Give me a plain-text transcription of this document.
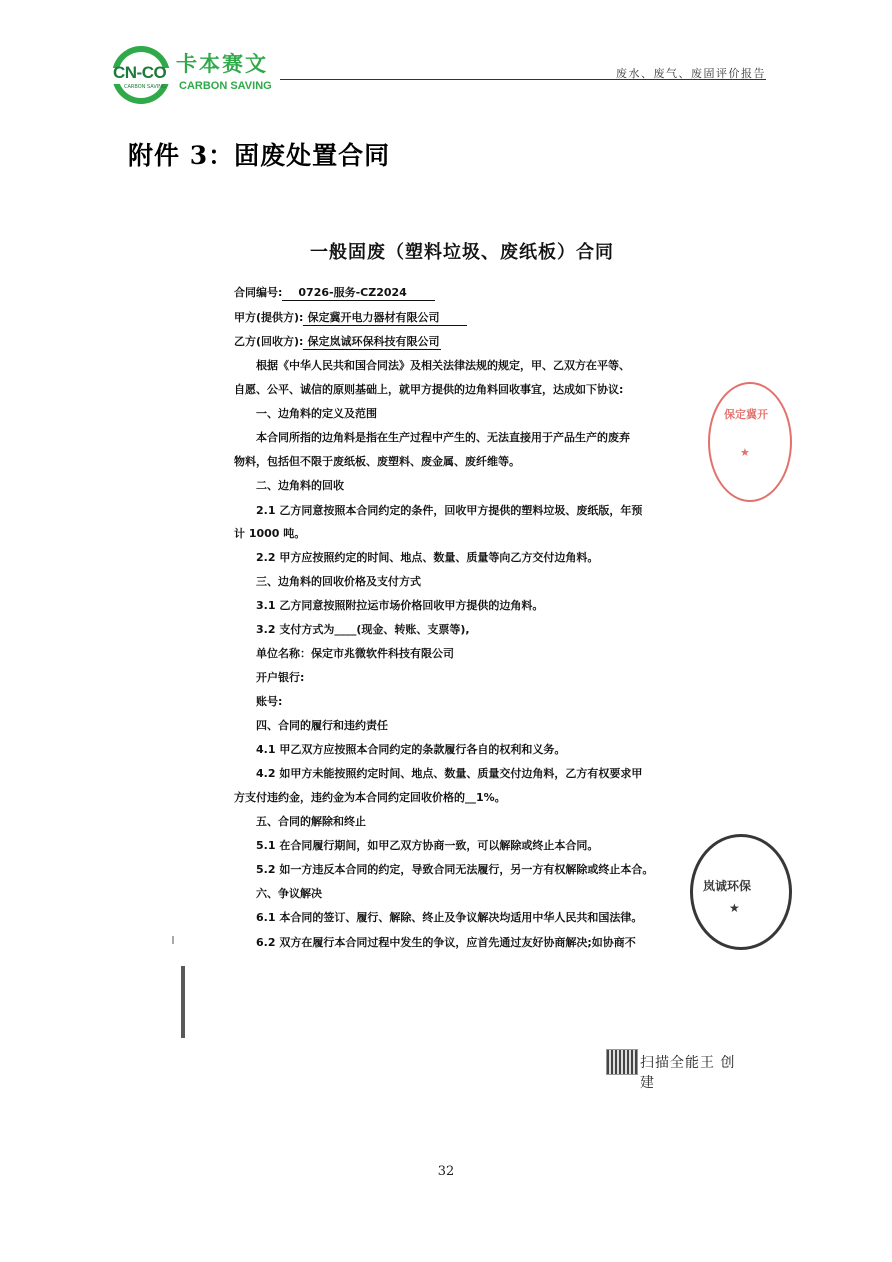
CN-CO
CARBON SAVING
卡本赛文
CARBON SAVING
废水、废气、废固评价报告
附件 3：固废处置合同
一般固废（塑料垃圾、废纸板）合同
合同编号: 0726-服务-CZ2024
甲方(提供方): 保定冀开电力器材有限公司
乙方(回收方): 保定岚诚环保科技有限公司
根据《中华人民共和国合同法》及相关法律法规的规定，甲、乙双方在平等、
自愿、公平、诚信的原则基础上，就甲方提供的边角料回收事宜，达成如下协议:
一、边角料的定义及范围
本合同所指的边角料是指在生产过程中产生的、无法直接用于产品生产的废弃
物料，包括但不限于废纸板、废塑料、废金属、废纤维等。
二、边角料的回收
2.1 乙方同意按照本合同约定的条件，回收甲方提供的塑料垃圾、废纸版，年预
计 1000 吨。
2.2 甲方应按照约定的时间、地点、数量、质量等向乙方交付边角料。
三、边角料的回收价格及支付方式
3.1 乙方同意按照附拉运市场价格回收甲方提供的边角料。
3.2 支付方式为____(现金、转账、支票等),
单位名称：保定市兆微软件科技有限公司
开户银行:
账号:
四、合同的履行和违约责任
4.1 甲乙双方应按照本合同约定的条款履行各自的权利和义务。
4.2 如甲方未能按照约定时间、地点、数量、质量交付边角料，乙方有权要求甲
方支付违约金，违约金为本合同约定回收价格的__1%。
五、合同的解除和终止
5.1 在合同履行期间，如甲乙双方协商一致，可以解除或终止本合同。
5.2 如一方违反本合同的约定，导致合同无法履行，另一方有权解除或终止本合。
六、争议解决
6.1 本合同的签订、履行、解除、终止及争议解决均适用中华人民共和国法律。
6.2 双方在履行本合同过程中发生的争议，应首先通过友好协商解决;如协商不
保定冀开
★
岚诚环保
★
扫描全能王 创建
32
